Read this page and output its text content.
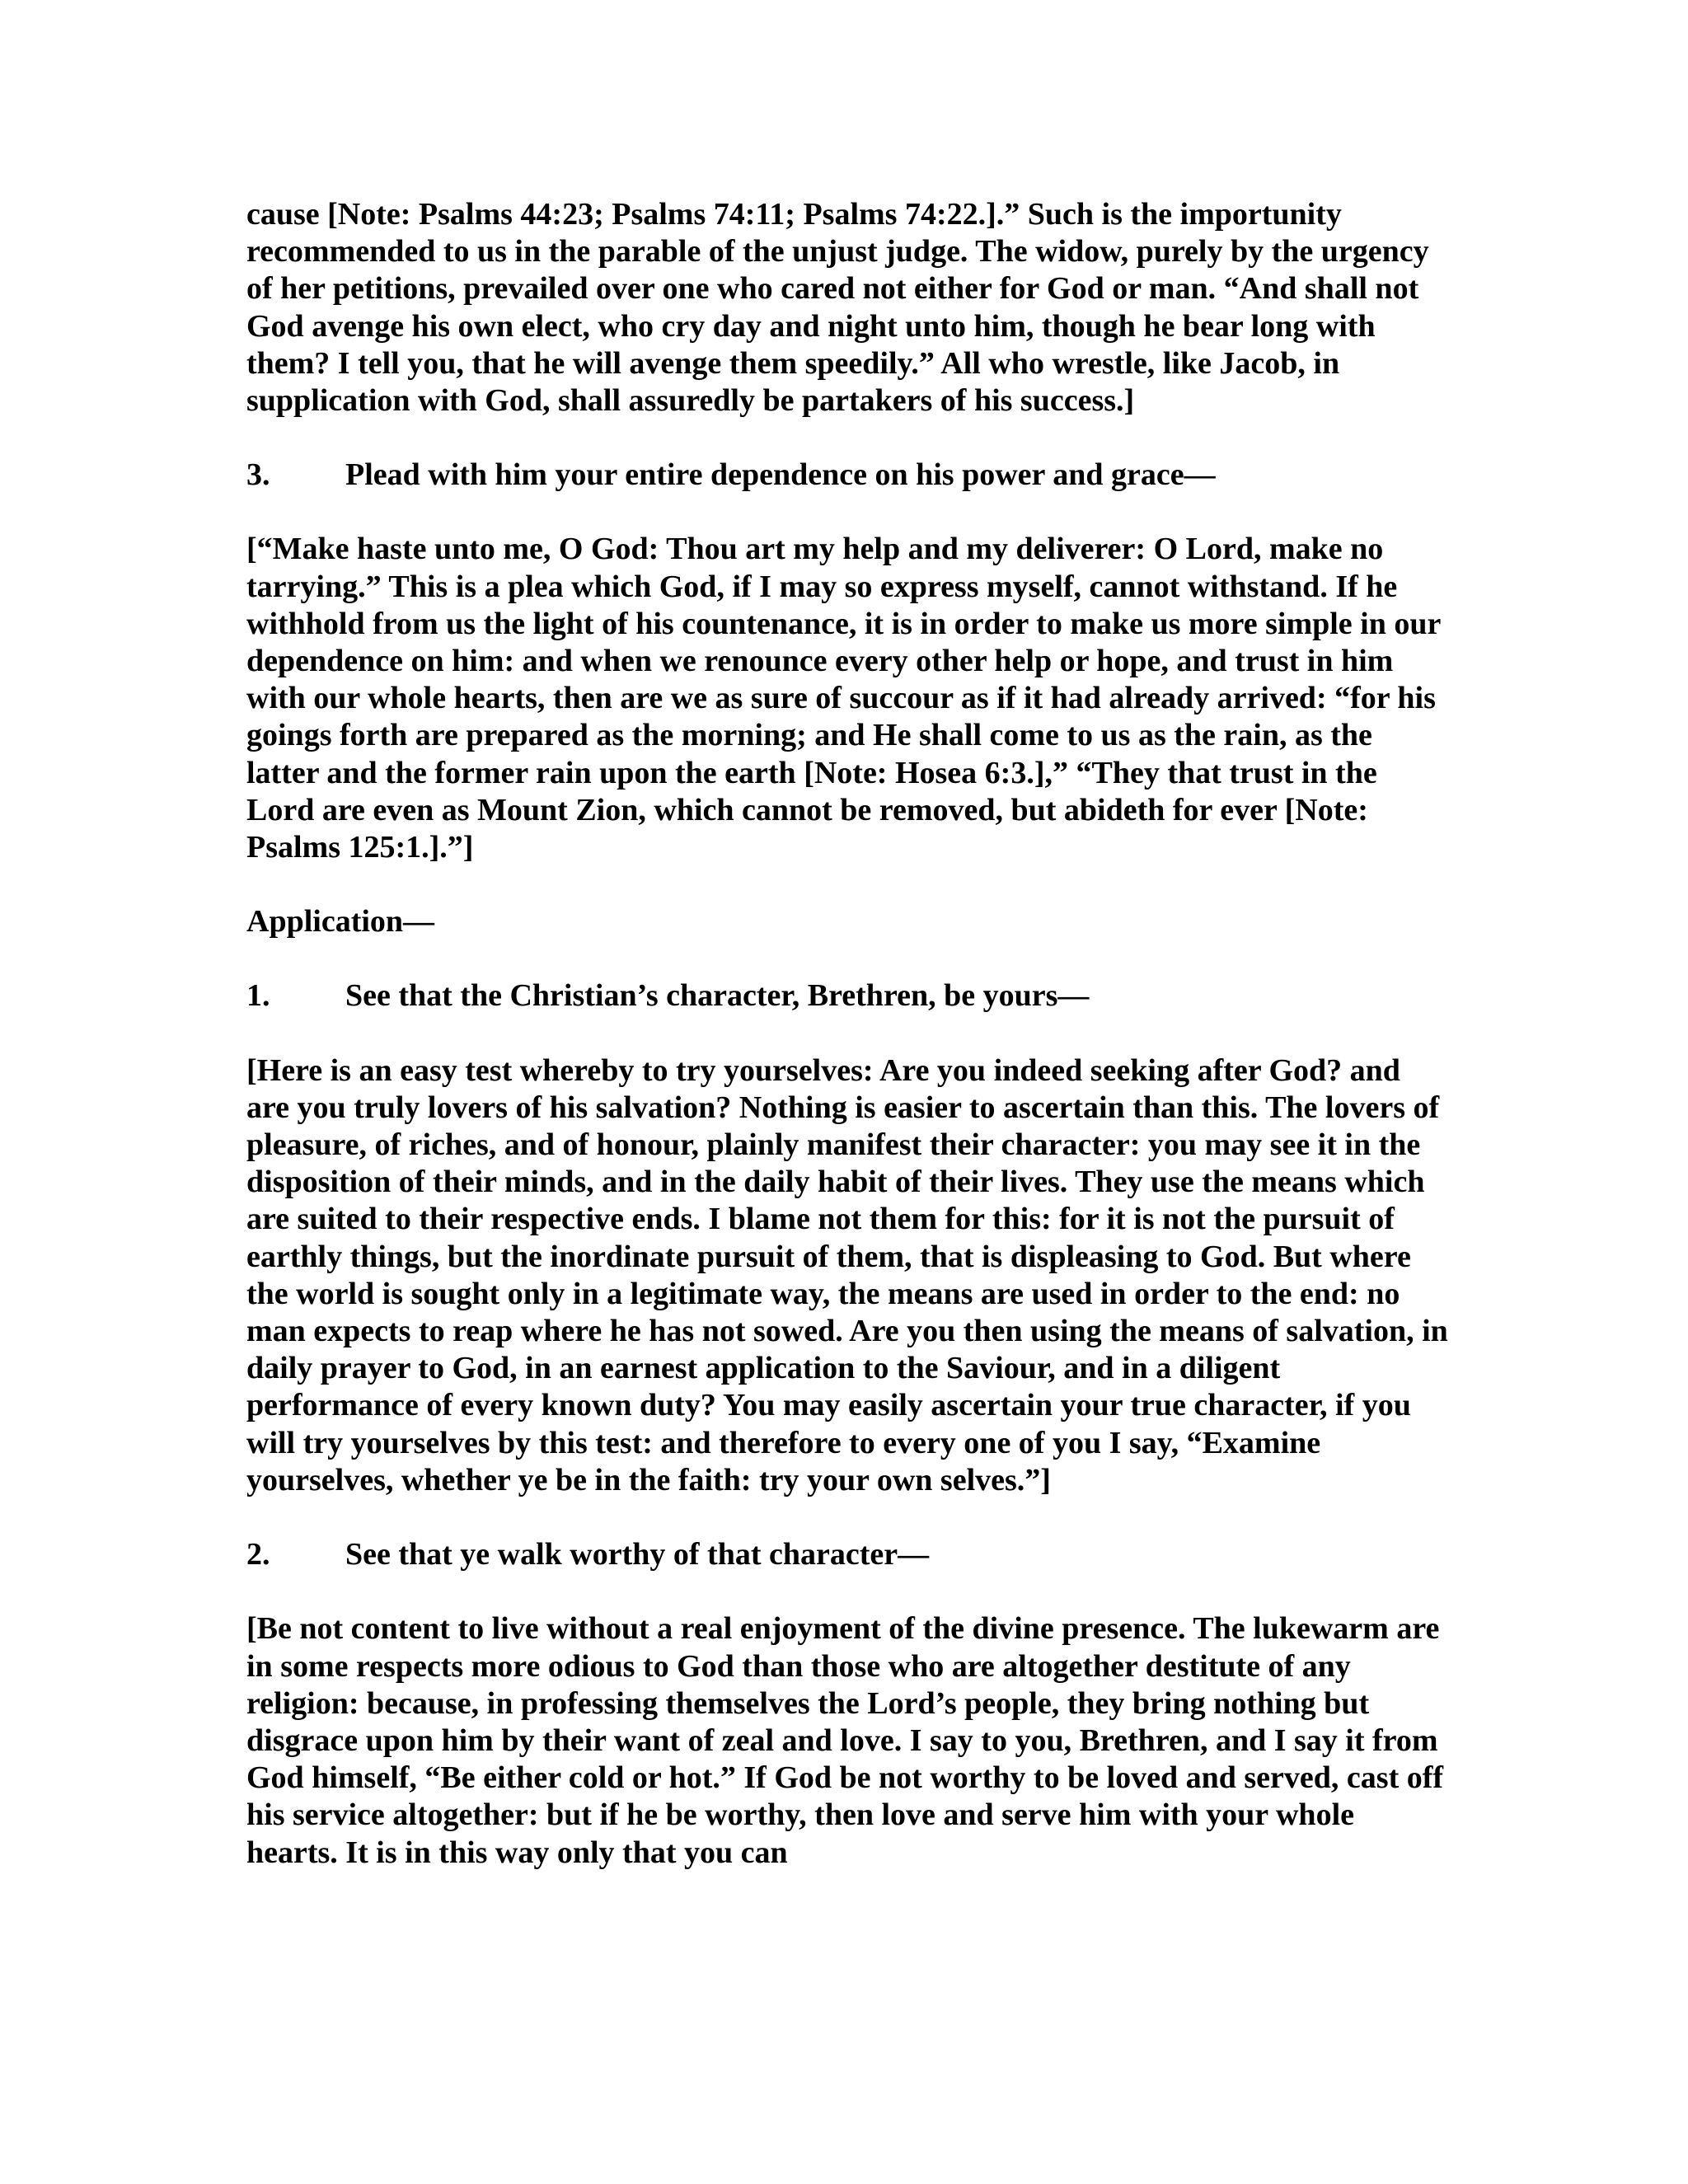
cause [Note: Psalms 44:23; Psalms 74:11; Psalms 74:22.].” Such is the importunity recommended to us in the parable of the unjust judge. The widow, purely by the urgency of her petitions, prevailed over one who cared not either for God or man. “And shall not God avenge his own elect, who cry day and night unto him, though he bear long with them? I tell you, that he will avenge them speedily.” All who wrestle, like Jacob, in supplication with God, shall assuredly be partakers of his success.]

3.	Plead with him your entire dependence on his power and grace—

[“Make haste unto me, O God: Thou art my help and my deliverer: O Lord, make no tarrying.” This is a plea which God, if I may so express myself, cannot withstand. If he withhold from us the light of his countenance, it is in order to make us more simple in our dependence on him: and when we renounce every other help or hope, and trust in him with our whole hearts, then are we as sure of succour as if it had already arrived: “for his goings forth are prepared as the morning; and He shall come to us as the rain, as the latter and the former rain upon the earth [Note: Hosea 6:3.],” “They that trust in the Lord are even as Mount Zion, which cannot be removed, but abideth for ever [Note: Psalms 125:1.].”]

Application—

1.	See that the Christian’s character, Brethren, be yours—

[Here is an easy test whereby to try yourselves: Are you indeed seeking after God? and are you truly lovers of his salvation? Nothing is easier to ascertain than this. The lovers of pleasure, of riches, and of honour, plainly manifest their character: you may see it in the disposition of their minds, and in the daily habit of their lives. They use the means which are suited to their respective ends. I blame not them for this: for it is not the pursuit of earthly things, but the inordinate pursuit of them, that is displeasing to God. But where the world is sought only in a legitimate way, the means are used in order to the end: no man expects to reap where he has not sowed. Are you then using the means of salvation, in daily prayer to God, in an earnest application to the Saviour, and in a diligent performance of every known duty? You may easily ascertain your true character, if you will try yourselves by this test: and therefore to every one of you I say, “Examine yourselves, whether ye be in the faith: try your own selves.”]

2.	See that ye walk worthy of that character—

[Be not content to live without a real enjoyment of the divine presence. The lukewarm are in some respects more odious to God than those who are altogether destitute of any religion: because, in professing themselves the Lord’s people, they bring nothing but disgrace upon him by their want of zeal and love. I say to you, Brethren, and I say it from God himself, “Be either cold or hot.” If God be not worthy to be loved and served, cast off his service altogether: but if he be worthy, then love and serve him with your whole hearts. It is in this way only that you can
